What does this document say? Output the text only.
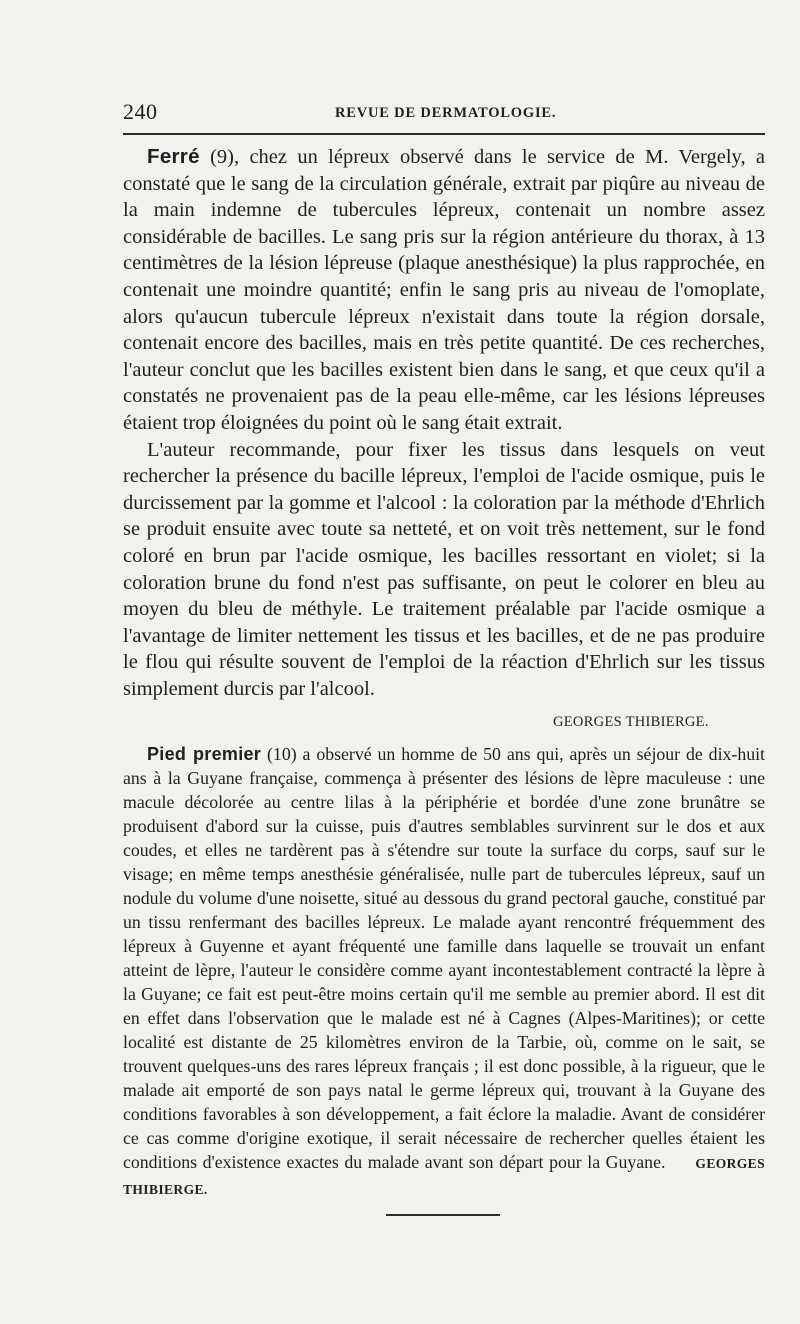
240	REVUE DE DERMATOLOGIE.

Ferré (9), chez un lépreux observé dans le service de M. Vergely, a constaté que le sang de la circulation générale, extrait par piqûre au niveau de la main indemne de tubercules lépreux, contenait un nombre assez considérable de bacilles. Le sang pris sur la région antérieure du thorax, à 13 centimètres de la lésion lépreuse (plaque anesthésique) la plus rapprochée, en contenait une moindre quantité; enfin le sang pris au niveau de l'omoplate, alors qu'aucun tubercule lépreux n'existait dans toute la région dorsale, contenait encore des bacilles, mais en très petite quantité. De ces recherches, l'auteur conclut que les bacilles existent bien dans le sang, et que ceux qu'il a constatés ne provenaient pas de la peau elle-même, car les lésions lépreuses étaient trop éloignées du point où le sang était extrait.

L'auteur recommande, pour fixer les tissus dans lesquels on veut rechercher la présence du bacille lépreux, l'emploi de l'acide osmique, puis le durcissement par la gomme et l'alcool : la coloration par la méthode d'Ehrlich se produit ensuite avec toute sa netteté, et on voit très nettement, sur le fond coloré en brun par l'acide osmique, les bacilles ressortant en violet; si la coloration brune du fond n'est pas suffisante, on peut le colorer en bleu au moyen du bleu de méthyle. Le traitement préalable par l'acide osmique a l'avantage de limiter nettement les tissus et les bacilles, et de ne pas produire le flou qui résulte souvent de l'emploi de la réaction d'Ehrlich sur les tissus simplement durcis par l'alcool.

GEORGES THIBIERGE.

Pied premier (10) a observé un homme de 50 ans qui, après un séjour de dix-huit ans à la Guyane française, commença à présenter des lésions de lèpre maculeuse : une macule décolorée au centre lilas à la périphérie et bordée d'une zone brunâtre se produisent d'abord sur la cuisse, puis d'autres semblables survinrent sur le dos et aux coudes, et elles ne tardèrent pas à s'étendre sur toute la surface du corps, sauf sur le visage; en même temps anesthésie généralisée, nulle part de tubercules lépreux, sauf un nodule du volume d'une noisette, situé au dessous du grand pectoral gauche, constitué par un tissu renfermant des bacilles lépreux. Le malade ayant rencontré fréquemment des lépreux à Guyenne et ayant fréquenté une famille dans laquelle se trouvait un enfant atteint de lèpre, l'auteur le considère comme ayant incontestablement contracté la lèpre à la Guyane; ce fait est peut-être moins certain qu'il me semble au premier abord. Il est dit en effet dans l'observation que le malade est né à Cagnes (Alpes-Maritines); or cette localité est distante de 25 kilomètres environ de la Tarbie, où, comme on le sait, se trouvent quelques-uns des rares lépreux français ; il est donc possible, à la rigueur, que le malade ait emporté de son pays natal le germe lépreux qui, trouvant à la Guyane des conditions favorables à son développement, a fait éclore la maladie. Avant de considérer ce cas comme d'origine exotique, il serait nécessaire de rechercher quelles étaient les conditions d'existence exactes du malade avant son départ pour la Guyane. GEORGES THIBIERGE.
